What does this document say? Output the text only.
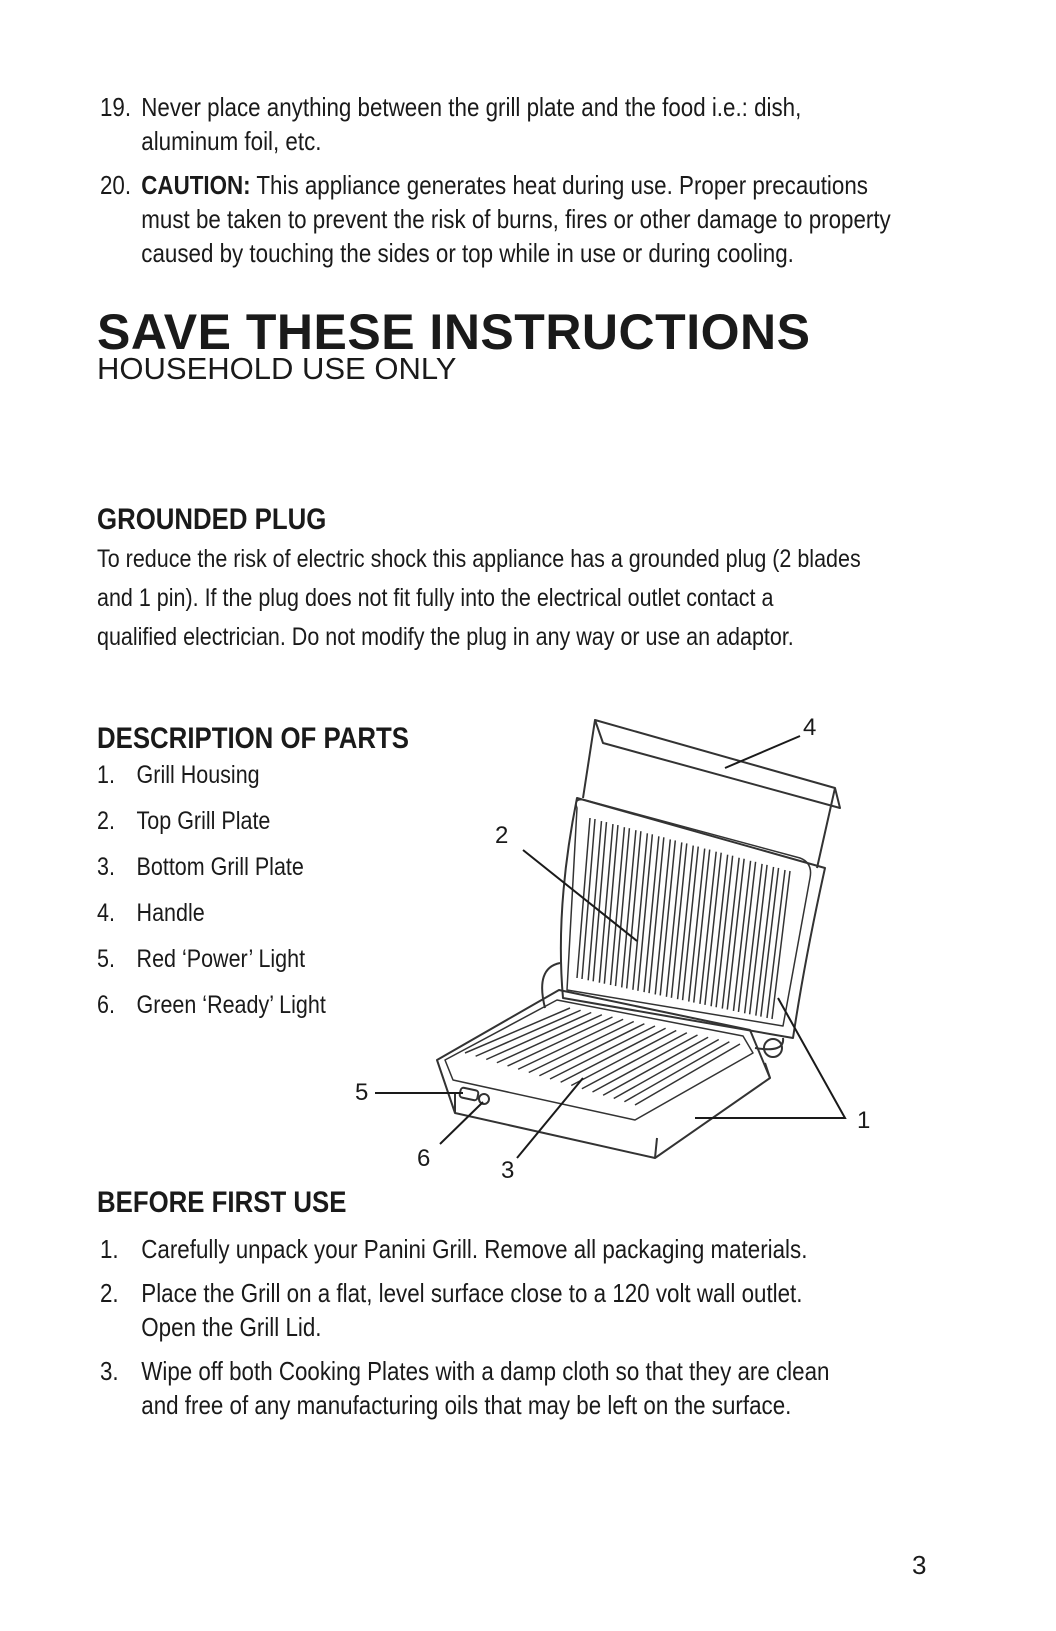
19. Never place anything between the grill plate and the food i.e.: dish,
aluminum foil, etc.
20. CAUTION: This appliance generates heat during use. Proper precautions
must be taken to prevent the risk of burns, fires or other damage to property
caused by touching the sides or top while in use or during cooling.
SAVE THESE INSTRUCTIONS

HOUSEHOLD USE ONLY

GROUNDED PLUG

To reduce the risk of electric shock this appliance has a grounded plug (2 blades
and 1 pin). If the plug does not fit fully into the electrical outlet contact a
qualified electrician. Do not modify the plug in any way or use an adaptor.

DESCRIPTION OF PARTS
1. Grill Housing
2. Top Grill Plate
3. Bottom Grill Plate
4. Handle
5. Red ‘Power’ Light
6. Green ‘Ready’ Light
4
2
5
6	3
1
BEFORE FIRST USE
1. Carefully unpack your Panini Grill. Remove all packaging materials.
2. Place the Grill on a flat, level surface close to a 120 volt wall outlet.
Open the Grill Lid.
3. Wipe off both Cooking Plates with a damp cloth so that they are clean
and free of any manufacturing oils that may be left on the surface.

3
